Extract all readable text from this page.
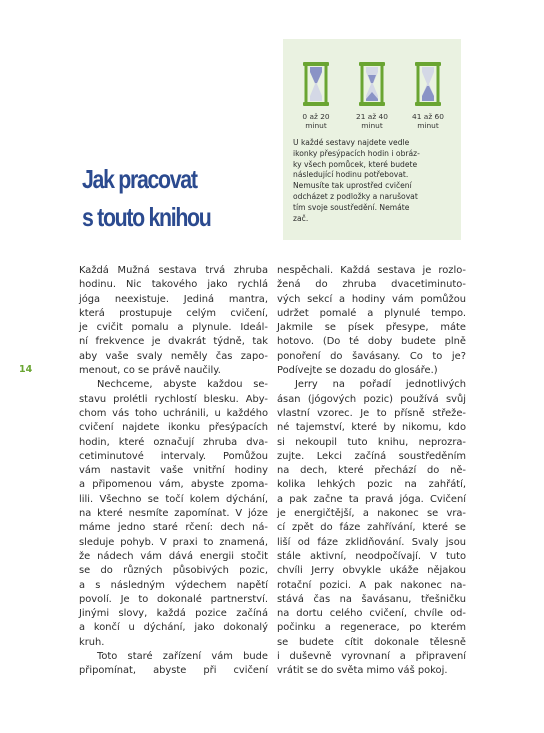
0 až 20
minut
21 až 40
minut
41 až 60
minut
U každé sestavy najdete vedle
ikonky přesýpacích hodin i obráz-
ky všech pomůcek, které budete
následující hodinu potřebovat.
Nemusíte tak uprostřed cvičení
odcházet z podložky a narušovat
tím svoje soustředění. Nemáte
zač.
Jak pracovat
s touto knihou
14
Každá Mužná sestava trvá zhruba
hodinu. Nic takového jako rychlá
jóga neexistuje. Jediná mantra,
která prostupuje celým cvičení,
je cvičit pomalu a plynule. Ideál-
ní frekvence je dvakrát týdně, tak
aby vaše svaly neměly čas zapo-
menout, co se právě naučily.
Nechceme, abyste každou se-
stavu prolétli rychlostí blesku. Aby-
chom vás toho uchránili, u každého
cvičení najdete ikonku přesýpacích
hodin, které označují zhruba dva-
cetiminutové intervaly. Pomůžou
vám nastavit vaše vnitřní hodiny
a připomenou vám, abyste zpoma-
lili. Všechno se točí kolem dýchání,
na které nesmíte zapomínat. V józe
máme jedno staré rčení: dech ná-
sleduje pohyb. V praxi to znamená,
že nádech vám dává energii stočit
se do různých působivých pozic,
a s následným výdechem napětí
povolí. Je to dokonalé partnerství.
Jinými slovy, každá pozice začíná
a končí u dýchání, jako dokonalý
kruh.
Toto staré zařízení vám bude
připomínat, abyste při cvičení
nespěchali. Každá sestava je rozlo-
žená do zhruba dvacetiminuto-
vých sekcí a hodiny vám pomůžou
udržet pomalé a plynulé tempo.
Jakmile se písek přesype, máte
hotovo. (Do té doby budete plně
ponoření do šavásany. Co to je?
Podívejte se dozadu do glosáře.)
Jerry na pořadí jednotlivých
ásan (jógových pozic) používá svůj
vlastní vzorec. Je to přísně střeže-
né tajemství, které by nikomu, kdo
si nekoupil tuto knihu, neprozra-
zujte. Lekci začíná soustředěním
na dech, které přechází do ně-
kolika lehkých pozic na zahřátí,
a pak začne ta pravá jóga. Cvičení
je energičtější, a nakonec se vra-
cí zpět do fáze zahřívání, které se
liší od fáze zklidňování. Svaly jsou
stále aktivní, neodpočívají. V tuto
chvíli Jerry obvykle ukáže nějakou
rotační pozici. A pak nakonec na-
stává čas na šavásanu, třešničku
na dortu celého cvičení, chvíle od-
počinku a regenerace, po kterém
se budete cítit dokonale tělesně
i duševně vyrovnaní a připravení
vrátit se do světa mimo váš pokoj.
